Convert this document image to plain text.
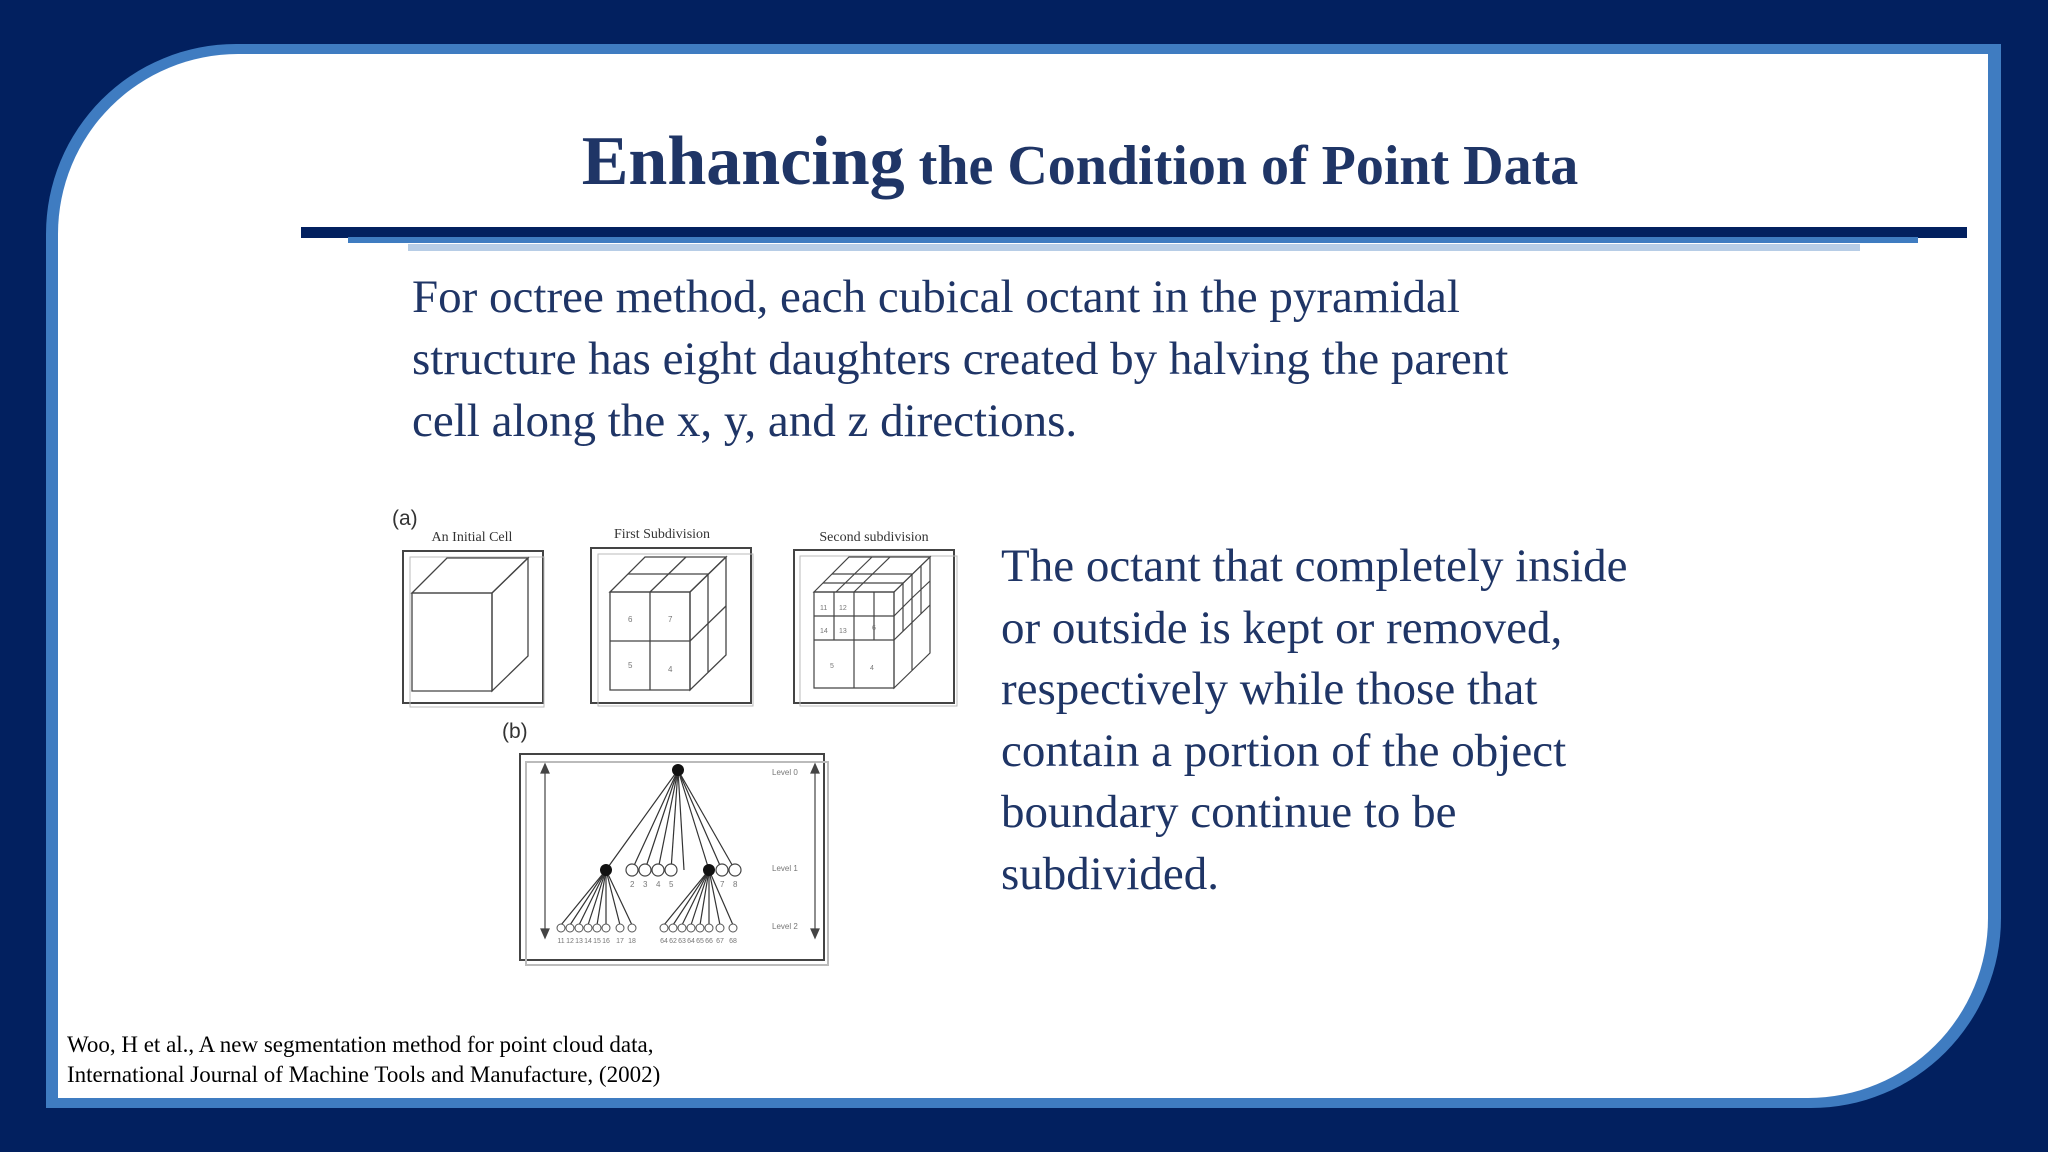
Enhancing the Condition of Point Data
For octree method, each cubical octant in the pyramidal
structure has eight daughters created by halving the parent
cell along the x, y, and z directions.
(a)
An Initial Cell	First Subdivision
6	7
5	4
Second subdivision
11 12
14 13	6
5	4
(b)
2 3 4 5	7 8
11 12 13 14 15 16 17 18	64 62 63 64 65 66 67 68
Level 0
Level 1
Level 2
The octant that completely inside
or outside is kept or removed,
respectively while those that
contain a portion of the object
boundary continue to be
subdivided.
Woo, H et al., A new segmentation method for point cloud data,
International Journal of Machine Tools and Manufacture, (2002)
